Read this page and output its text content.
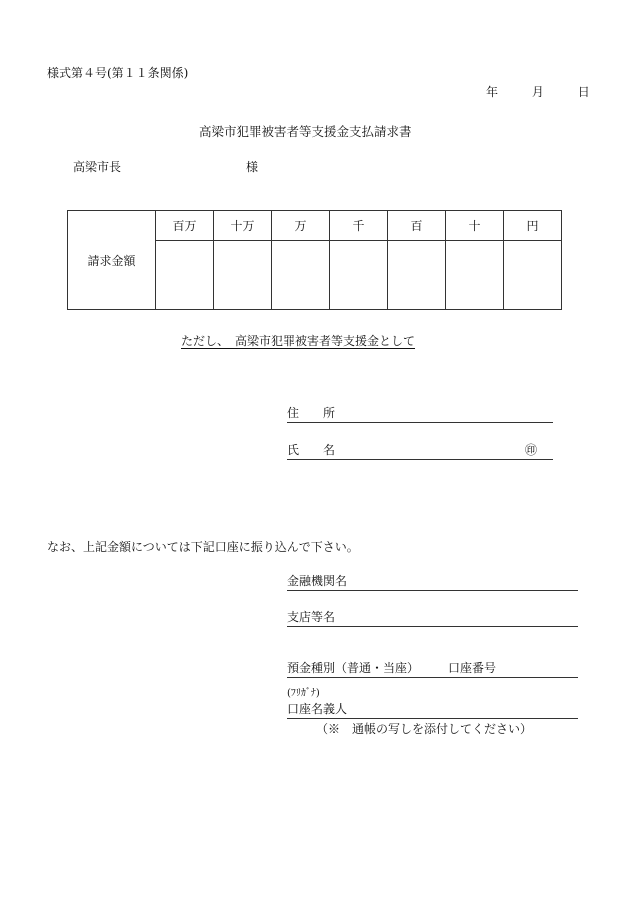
様式第４号(第１１条関係)
年	月	日
高梁市犯罪被害者等支援金支払請求書
高梁市長	様
請求金額	百万	十万	万	千	百	十	円

ただし、　高梁市犯罪被害者等支援金として
住　　所
氏　　名	㊞
なお、上記金額については下記口座に振り込んで下さい。
金融機関名
支店等名
預金種別（普通・当座） 口座番号
(ﾌﾘｶﾞﾅ)
口座名義人
（※　通帳の写しを添付してください）
